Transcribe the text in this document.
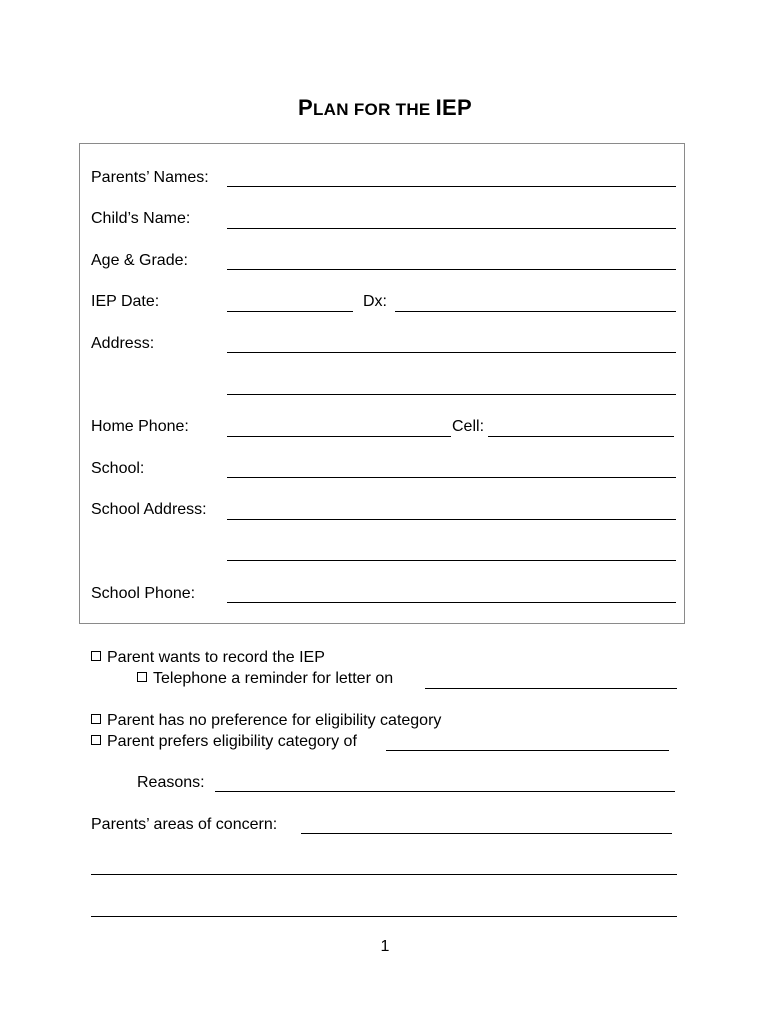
PLAN FOR THE IEP
Parents’ Names:
Child’s Name:
Age & Grade:
IEP Date:	Dx:
Address:
Home Phone:	Cell:
School:
School Address:
School Phone:
Parent wants to record the IEP
Telephone a reminder for letter on
Parent has no preference for eligibility category
Parent prefers eligibility category of
Reasons:
Parents’ areas of concern:
1
